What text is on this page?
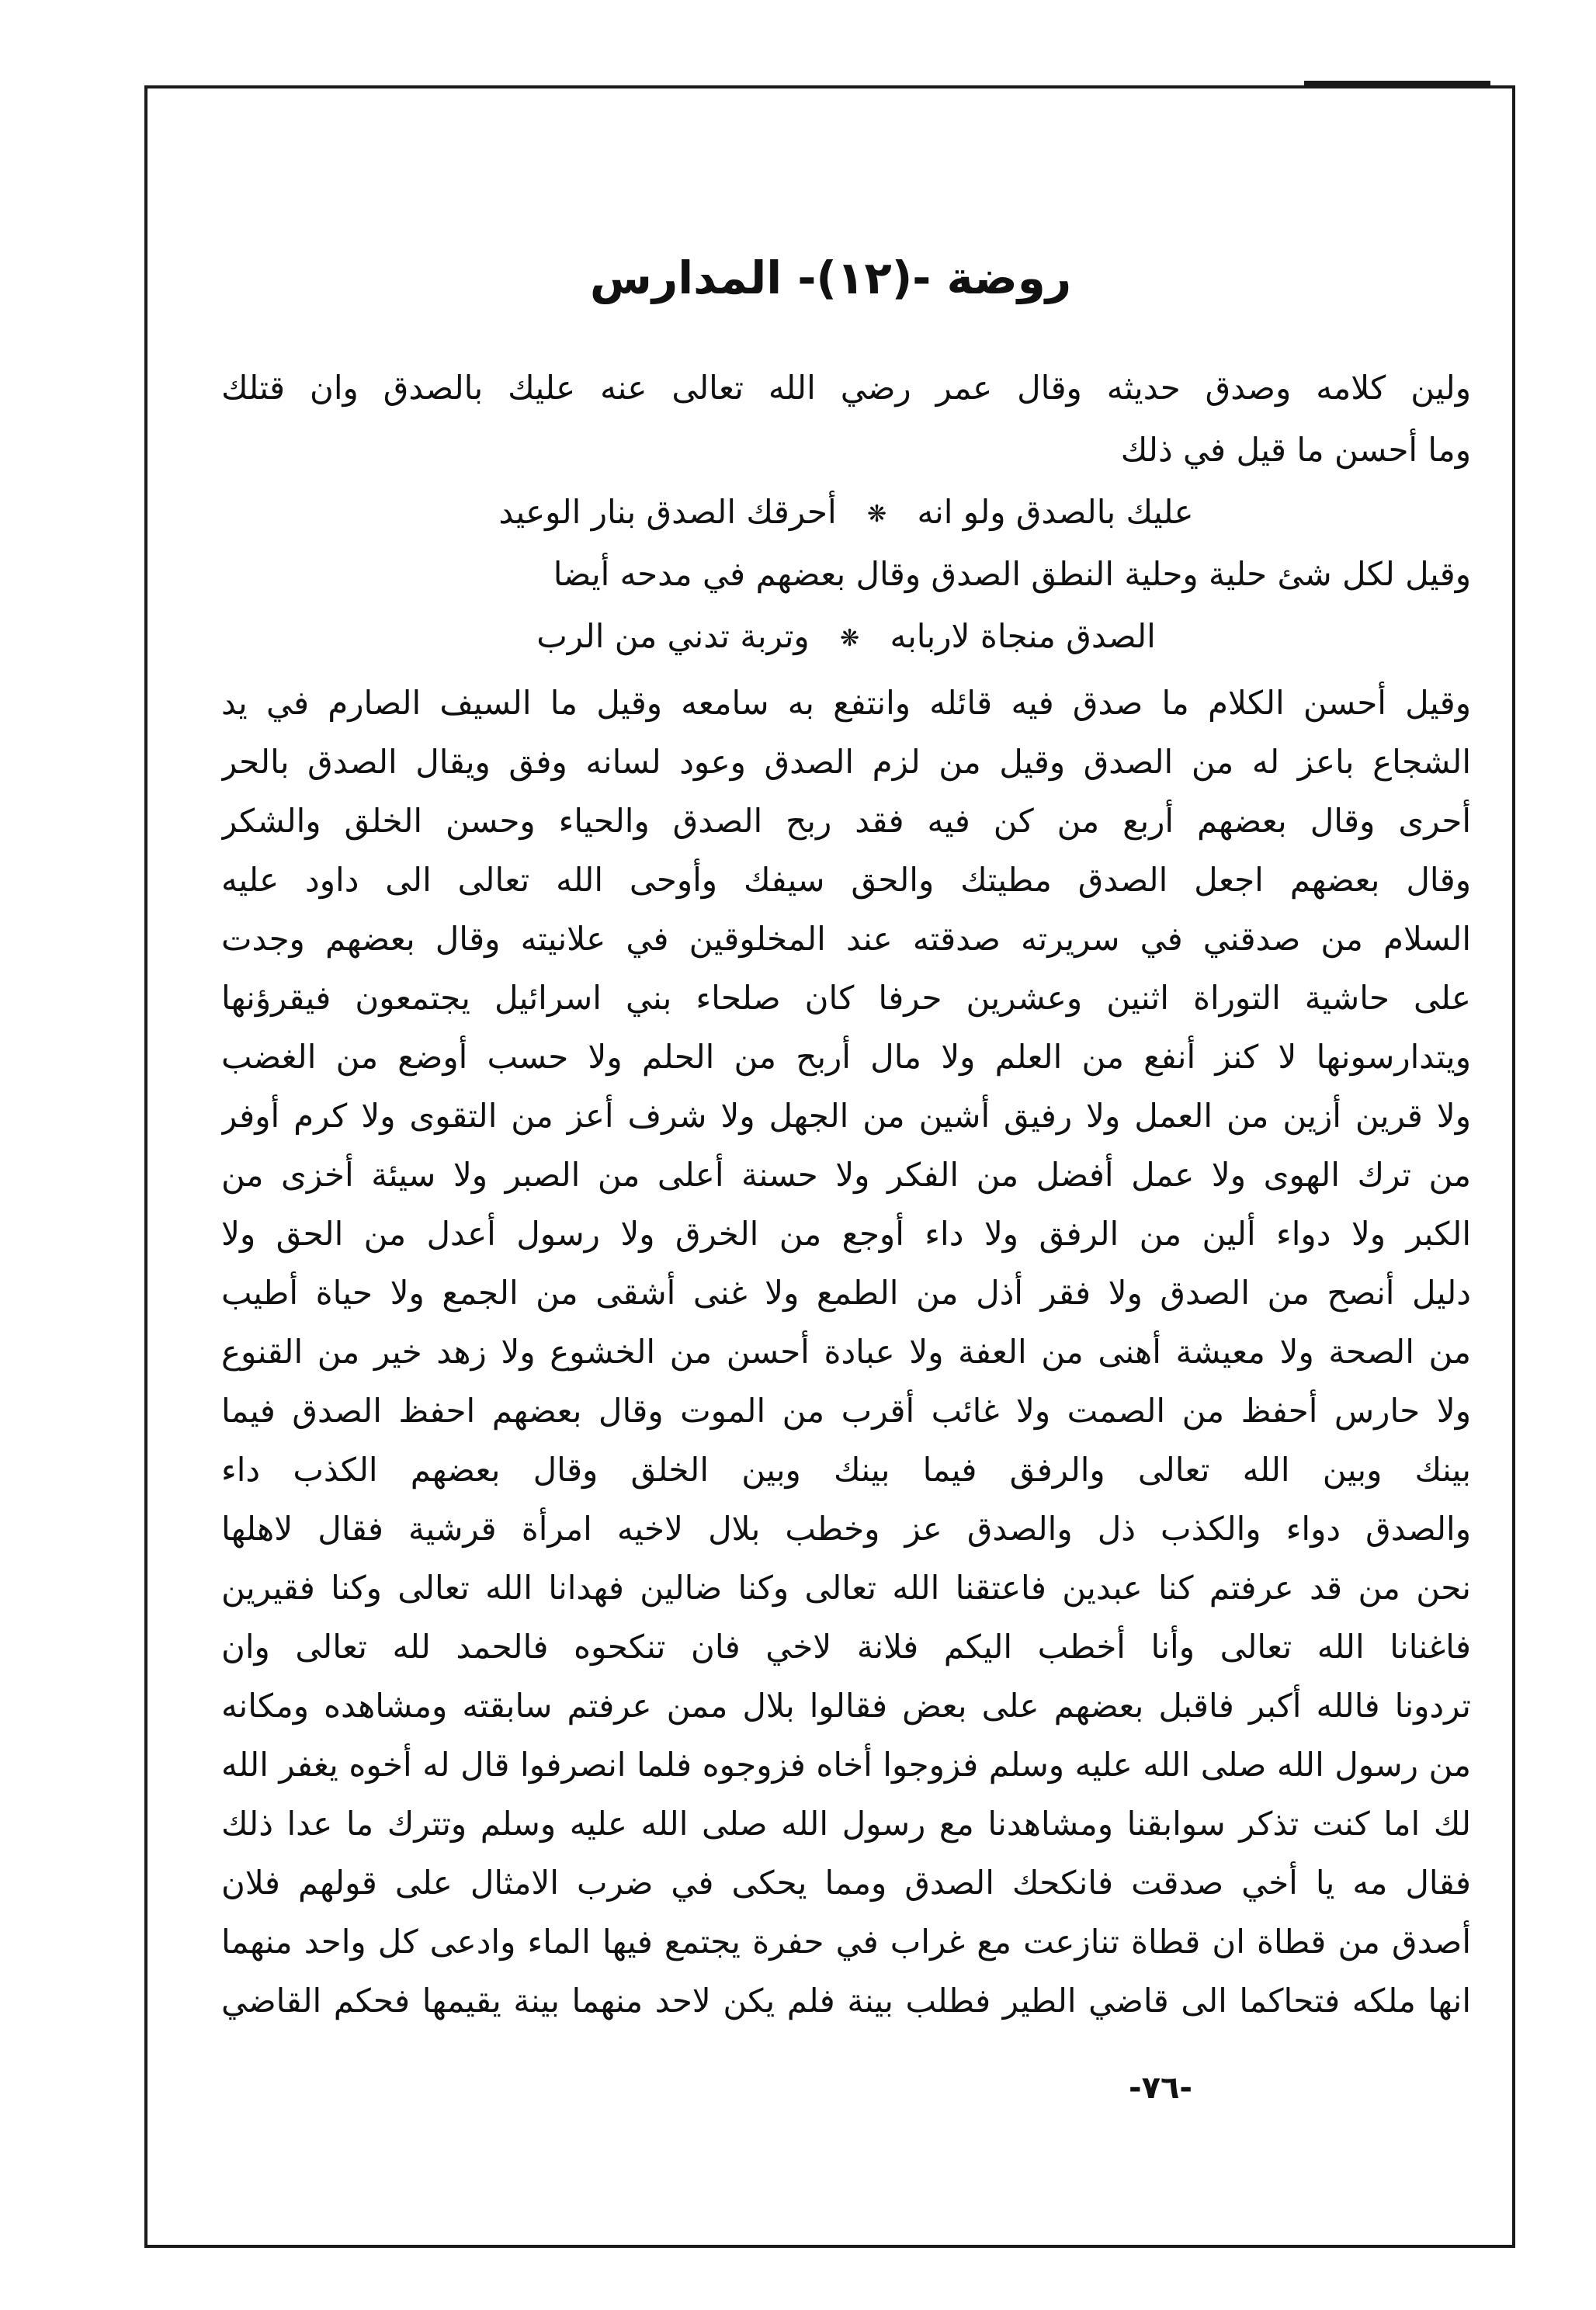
روضة -(١٢)- المدارس
ولين كلامه وصدق حديثه وقال عمر رضي الله تعالى عنه عليك بالصدق وان قتلك
وما أحسن ما قيل في ذلك
عليك بالصدق ولو انه ❋ أحرقك الصدق بنار الوعيد
وقيل لكل شئ حلية وحلية النطق الصدق وقال بعضهم في مدحه أيضا
الصدق منجاة لاربابه ❋ وتربة تدني من الرب
وقيل أحسن الكلام ما صدق فيه قائله وانتفع به سامعه وقيل ما السيف الصارم في يد
الشجاع باعز له من الصدق وقيل من لزم الصدق وعود لسانه وفق ويقال الصدق بالحر
أحرى وقال بعضهم أربع من كن فيه فقد ربح الصدق والحياء وحسن الخلق والشكر
وقال بعضهم اجعل الصدق مطيتك والحق سيفك وأوحى الله تعالى الى داود عليه
السلام من صدقني في سريرته صدقته عند المخلوقين في علانيته وقال بعضهم وجدت
على حاشية التوراة اثنين وعشرين حرفا كان صلحاء بني اسرائيل يجتمعون فيقرؤنها
ويتدارسونها لا كنز أنفع من العلم ولا مال أربح من الحلم ولا حسب أوضع من الغضب
ولا قرين أزين من العمل ولا رفيق أشين من الجهل ولا شرف أعز من التقوى ولا كرم أوفر
من ترك الهوى ولا عمل أفضل من الفكر ولا حسنة أعلى من الصبر ولا سيئة أخزى من
الكبر ولا دواء ألين من الرفق ولا داء أوجع من الخرق ولا رسول أعدل من الحق ولا
دليل أنصح من الصدق ولا فقر أذل من الطمع ولا غنى أشقى من الجمع ولا حياة أطيب
من الصحة ولا معيشة أهنى من العفة ولا عبادة أحسن من الخشوع ولا زهد خير من القنوع
ولا حارس أحفظ من الصمت ولا غائب أقرب من الموت وقال بعضهم احفظ الصدق فيما
بينك وبين الله تعالى والرفق فيما بينك وبين الخلق وقال بعضهم الكذب داء
والصدق دواء والكذب ذل والصدق عز وخطب بلال لاخيه امرأة قرشية فقال لاهلها
نحن من قد عرفتم كنا عبدين فاعتقنا الله تعالى وكنا ضالين فهدانا الله تعالى وكنا فقيرين
فاغنانا الله تعالى وأنا أخطب اليكم فلانة لاخي فان تنكحوه فالحمد لله تعالى وان
تردونا فالله أكبر فاقبل بعضهم على بعض فقالوا بلال ممن عرفتم سابقته ومشاهده ومكانه
من رسول الله صلى الله عليه وسلم فزوجوا أخاه فزوجوه فلما انصرفوا قال له أخوه يغفر الله
لك اما كنت تذكر سوابقنا ومشاهدنا مع رسول الله صلى الله عليه وسلم وتترك ما عدا ذلك
فقال مه يا أخي صدقت فانكحك الصدق ومما يحكى في ضرب الامثال على قولهم فلان
أصدق من قطاة ان قطاة تنازعت مع غراب في حفرة يجتمع فيها الماء وادعى كل واحد منهما
انها ملكه فتحاكما الى قاضي الطير فطلب بينة فلم يكن لاحد منهما بينة يقيمها فحكم القاضي
-٧٦-
